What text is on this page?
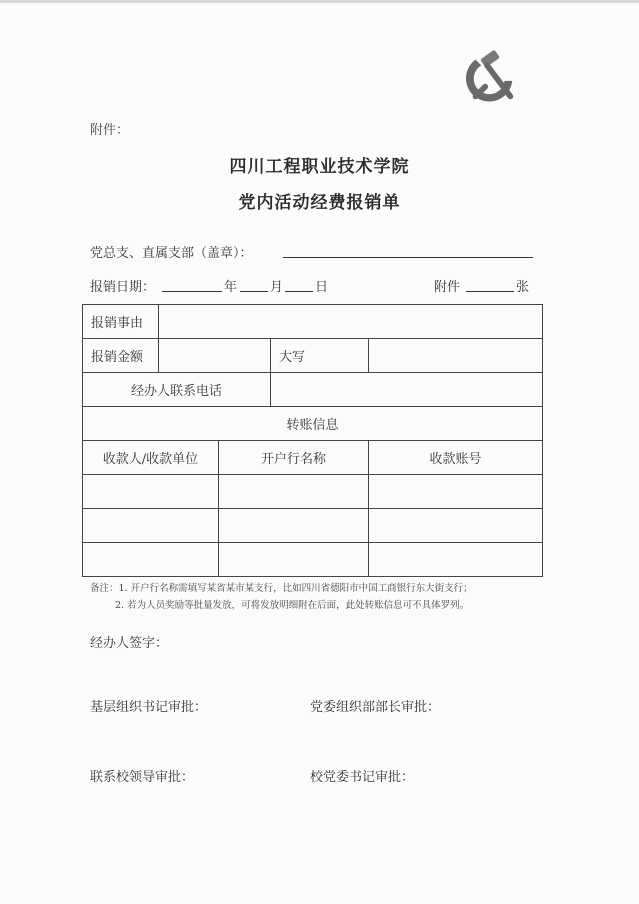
附件：
四川工程职业技术学院
党内活动经费报销单
党总支、直属支部（盖章）：
报销日期：	年	月 日	附件	张
报销事由				
报销金额			大写	
经办人联系电话				
转账信息				
收款人/收款单位		开户行名称		收款账号

备注：1. 开户行名称需填写某省某市某支行，比如四川省德阳市中国工商银行东大街支行；
2. 若为人员奖励等批量发放，可将发放明细附在后面，此处转账信息可不具体罗列。
经办人签字：
基层组织书记审批：	党委组织部部长审批：
联系校领导审批：	校党委书记审批：
